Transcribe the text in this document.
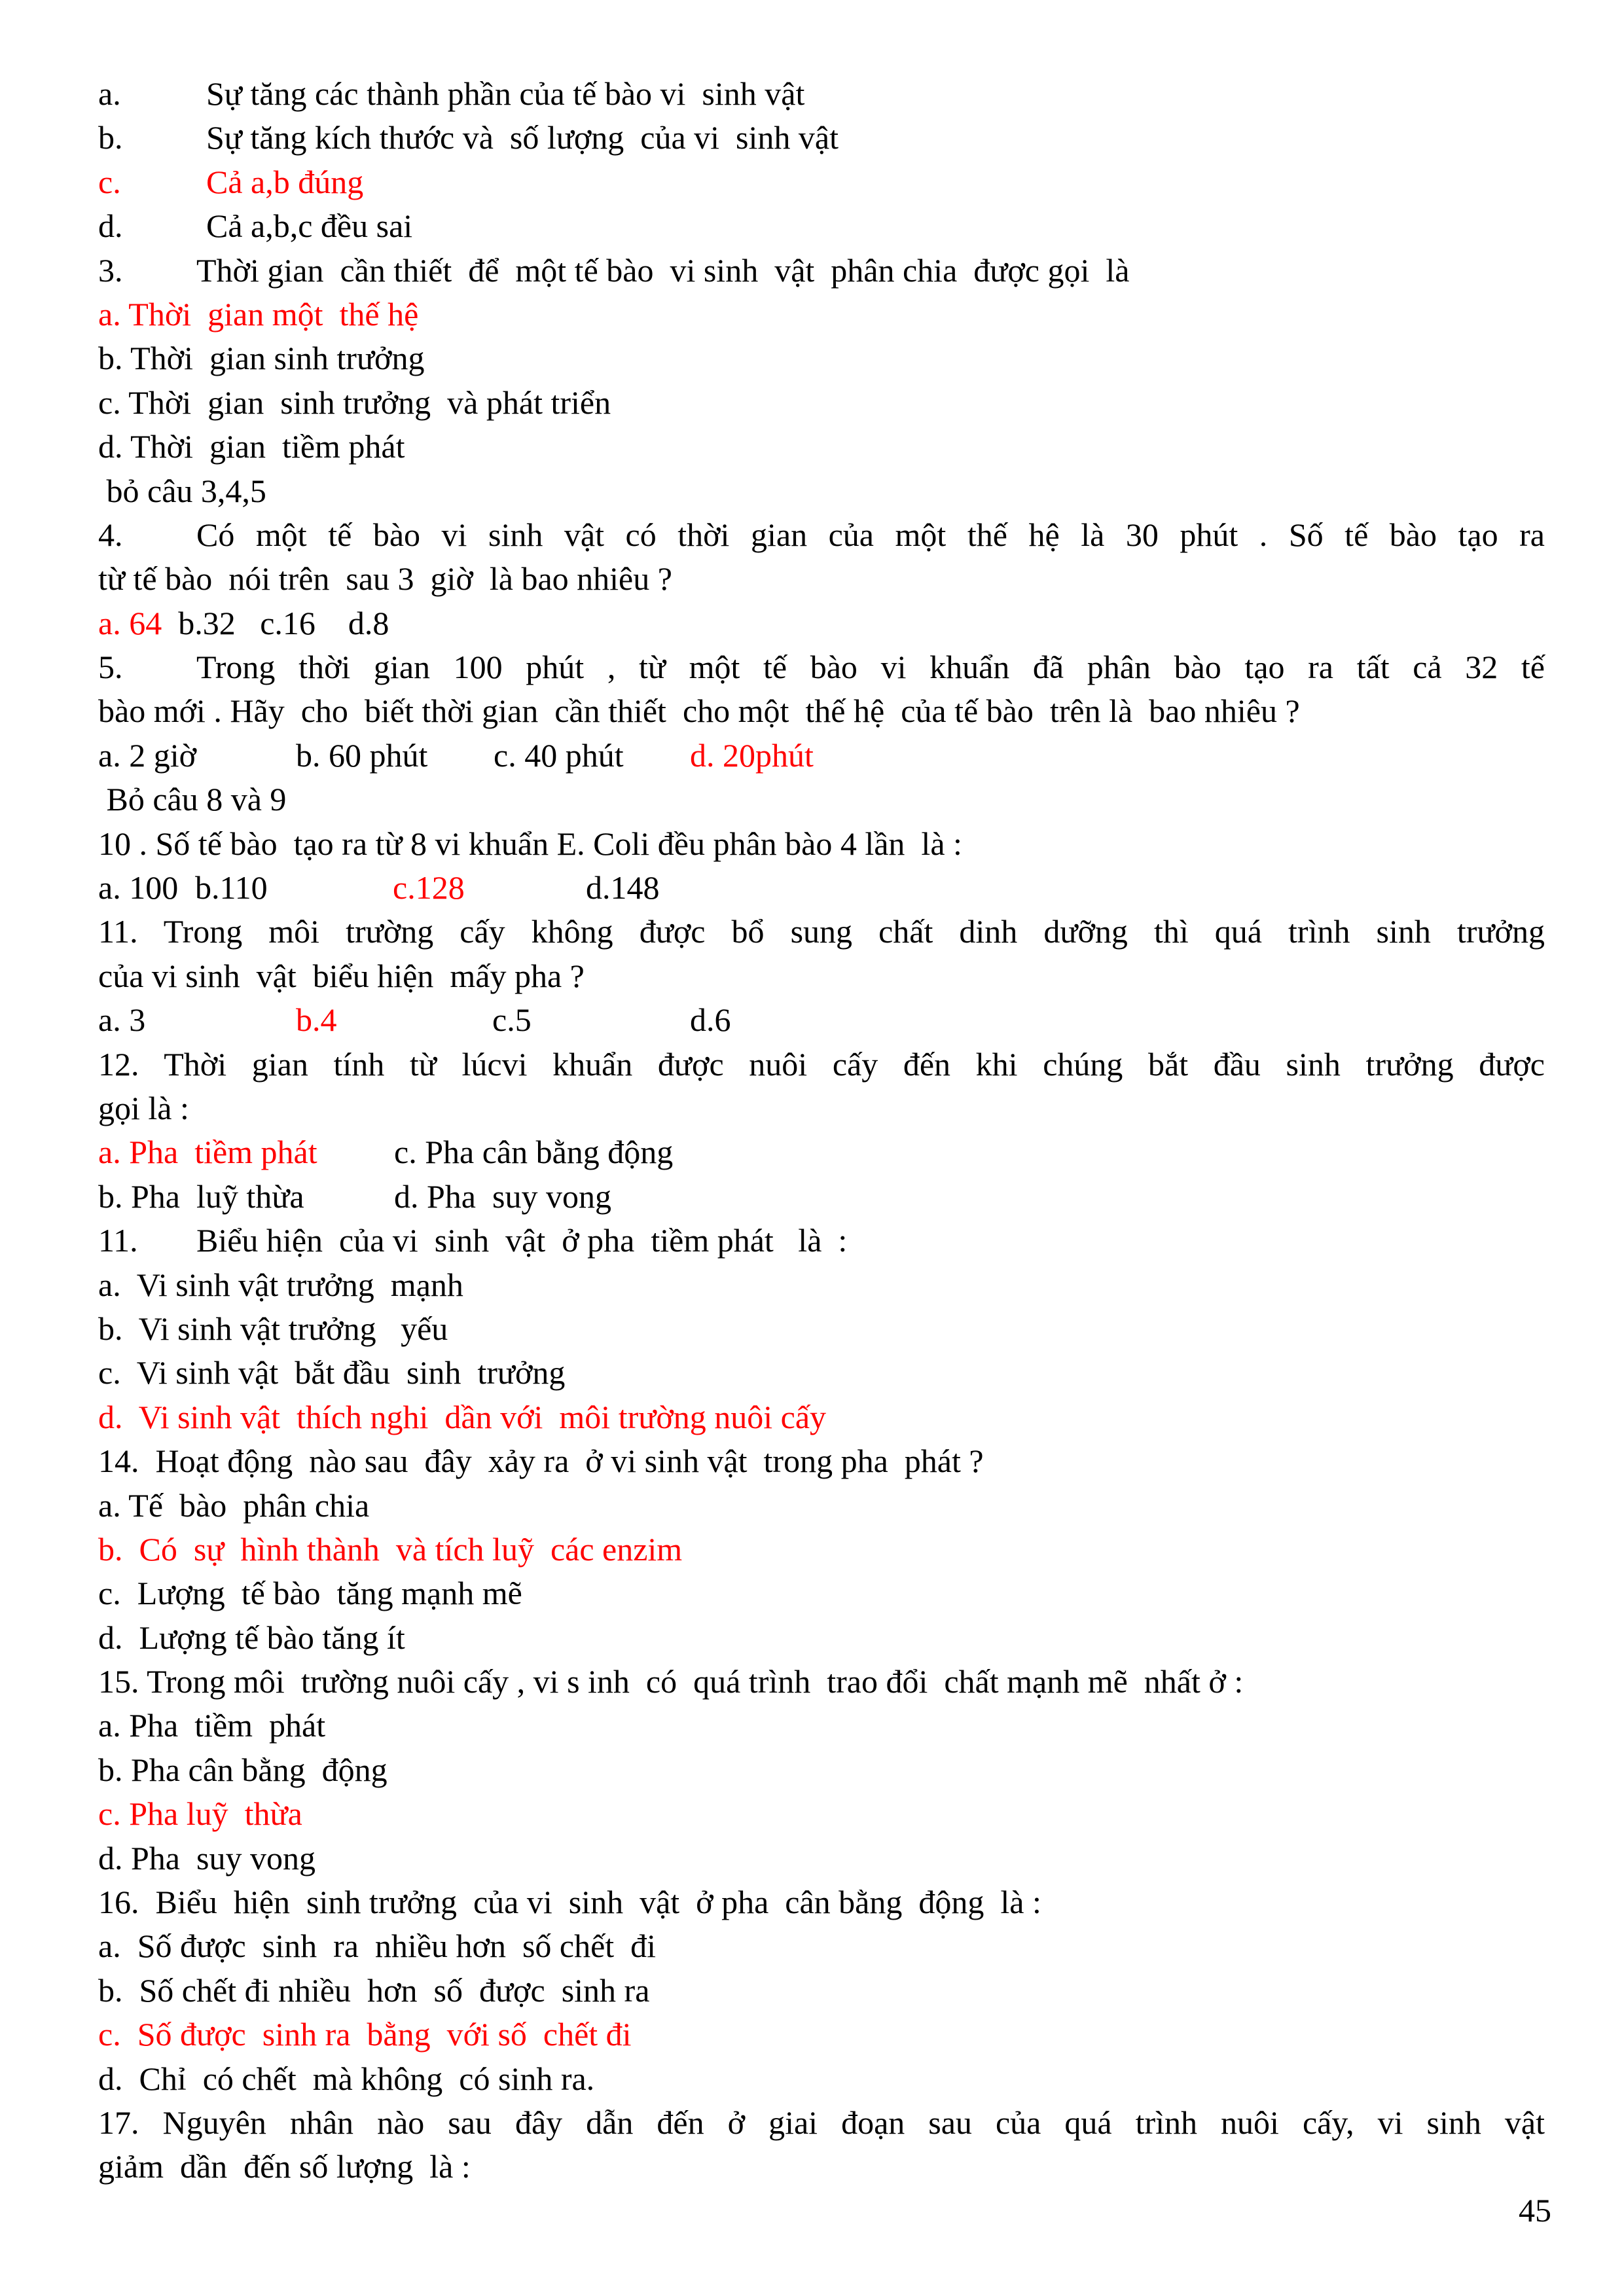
a.	Sự tăng các thành phần của tế bào vi  sinh vật
b.	Sự tăng kích thước và  số lượng  của vi  sinh vật
c.	Cả a,b đúng
d.	Cả a,b,c đều sai
3. Thời gian  cần thiết  để  một tế bào  vi sinh  vật  phân chia  được gọi  là
a. Thời  gian một  thế hệ
b. Thời  gian sinh trưởng
c. Thời  gian  sinh trưởng  và phát triển
d. Thời  gian  tiềm phát
bỏ câu 3,4,5
4. Có một tế bào vi sinh vật có thời gian của một thế hệ là 30 phút . Số tế bào tạo ra
từ tế bào  nói trên  sau 3  giờ  là bao nhiêu ?
a. 64 b.32 c.16 d.8
5. Trong thời gian 100 phút , từ một tế bào vi khuẩn đã phân bào tạo ra tất cả 32 tế
bào mới . Hãy  cho  biết thời gian  cần thiết  cho một  thế hệ  của tế bào  trên là  bao nhiêu ?
a. 2 giờ	b. 60 phút c. 40 phút d. 20phút
Bỏ câu 8 và 9
10 . Số tế bào  tạo ra từ 8 vi khuẩn E. Coli đều phân bào 4 lần  là :
a. 100 b.110	c.128	d.148
11. Trong môi trường cấy không được bổ sung chất dinh dưỡng thì quá trình sinh trưởng
của vi sinh  vật  biểu hiện  mấy pha ?
a. 3	b.4	c.5	d.6
12. Thời gian tính từ lúcvi khuẩn được nuôi cấy đến khi chúng bắt đầu sinh trưởng được
gọi là :
a. Pha  tiềm phát c. Pha cân bằng động
b. Pha  luỹ thừa	d. Pha  suy vong
11. Biểu hiện  của vi  sinh  vật  ở pha  tiềm phát   là  :
a.  Vi sinh vật trưởng  mạnh
b.  Vi sinh vật trưởng   yếu
c.  Vi sinh vật  bắt đầu  sinh  trưởng
d.  Vi sinh vật  thích nghi  dần với  môi trường nuôi cấy
14.  Hoạt động  nào sau  đây  xảy ra  ở vi sinh vật  trong pha  phát ?
a. Tế  bào  phân chia
b.  Có  sự  hình thành  và tích luỹ  các enzim
c.  Lượng  tế bào  tăng mạnh mẽ
d.  Lượng tế bào tăng ít
15. Trong môi  trường nuôi cấy , vi s inh  có  quá trình  trao đổi  chất mạnh mẽ  nhất ở :
a. Pha  tiềm  phát
b. Pha cân bằng  động
c. Pha luỹ  thừa
d. Pha  suy vong
16.  Biểu  hiện  sinh trưởng  của vi  sinh  vật  ở pha  cân bằng  động  là :
a.  Số được  sinh  ra  nhiều hơn  số chết  đi
b.  Số chết đi nhiều  hơn  số  được  sinh ra
c.  Số được  sinh ra  bằng  với số  chết đi
d.  Chỉ  có chết  mà không  có sinh ra.
17. Nguyên nhân nào sau đây dẫn đến ở giai đoạn sau của quá trình nuôi cấy, vi sinh vật
giảm  dần  đến số lượng  là :
45
